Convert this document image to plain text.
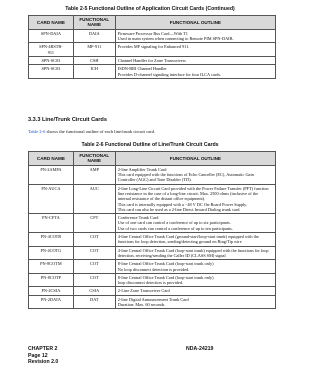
Table 2-5 Functional Outline of Application Circuit Cards (Continued)
CARD NAME	FUNCTIONAL NAME	FUNCTIONAL OUTLINE

SPN-DAIA	DAIA	Firmware Processor Bus Card—With T1
Used in main system when connecting to Remote PIM SPN-DAIB.

SPN-4RSTB-
911	MF-911	Provides MF signaling for Enhanced 911.

SPN-SC03	CSH	Channel Handler for Zone Transceivers

SPN-SC03	ICH	ISDN-BRI Channel Handler
Provides D-channel signaling interface for four ILCA cards.
3.3.3 Line/Trunk Circuit Cards
Table 2-6 shows the functional outline of each line/trunk circuit card.
Table 2-6 Functional Outline of Line/Trunk Circuit Cards
CARD NAME	FUNCTIONAL NAME	FUNCTIONAL OUTLINE

PN-2AMPA	AMP	2-line Amplifier Trunk Card
This card equipped with the functions of Echo Canceller (EC), Automatic Gain
Controller (AGC) and Tone Disabler (TD).

PN-AUCA	AUC	2-line Long-Line Circuit Card provided with the Power Failure Transfer (PFT) function
line resistance in the case of a long-line circuit: Max. 2500 ohms (inclusive of the
internal resistance of the distant office equipment).
This card is internally equipped with a −48 V DC On-Board Power Supply.
This card can also be used as a 2-line Direct Inward Dialing trunk card.

PN-CFTA	CFT	Conference Trunk Card
Use of one card can control a conference of up to six participants.
Use of two cards can control a conference of up to ten participants.

PN-4COTB	COT	4-line Central Office Trunk Card (ground-start/loop-start trunk) equipped with the
functions for loop detection, sending/detecting ground on Ring/Tip wire

PN-4COTG	COT	4-line Central Office Trunk Card (loop-start trunk) equipped with the functions for loop
detection, receiving/sending the Caller ID (CLASS SM) signal

PN-8COTM	COT	8-line Central Office Trunk Card (loop-start trunk only)
No loop disconnect detection is provided.

PN-8COTP	COT	8-line Central Office Trunk Card (loop-start trunk only)
loop disconnect detection is provided.

PN-2CSIA	CSIA	2-Line Zone Transceiver Card

PN-2DATA	DAT	2-line Digital Announcement Trunk Card
Duration: Max. 60 seconds.
CHAPTER 2
Page 12
Revision 2.0
NDA-24219
